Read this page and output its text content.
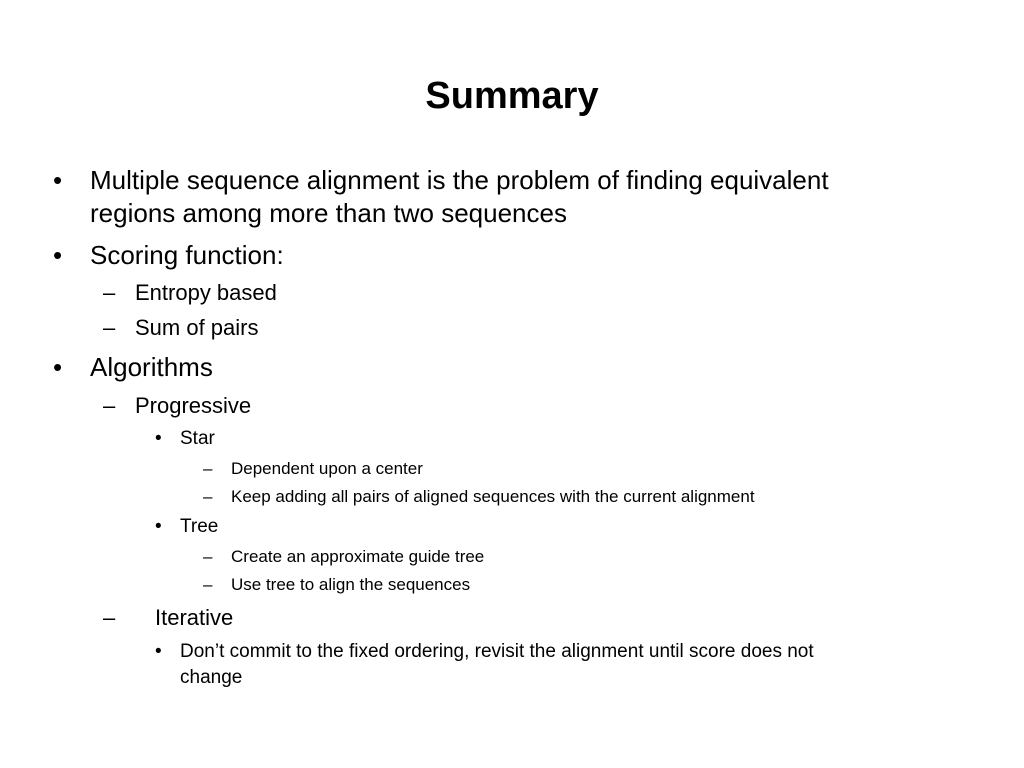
Summary
• Multiple sequence alignment is the problem of finding equivalent
regions among more than two sequences
• Scoring function:
– Entropy based
– Sum of pairs
• Algorithms
– Progressive
• Star
– Dependent upon a center
– Keep adding all pairs of aligned sequences with the current alignment
• Tree
– Create an approximate guide tree
– Use tree to align the sequences
– Iterative
• Don’t commit to the fixed ordering, revisit the alignment until score does not
change
